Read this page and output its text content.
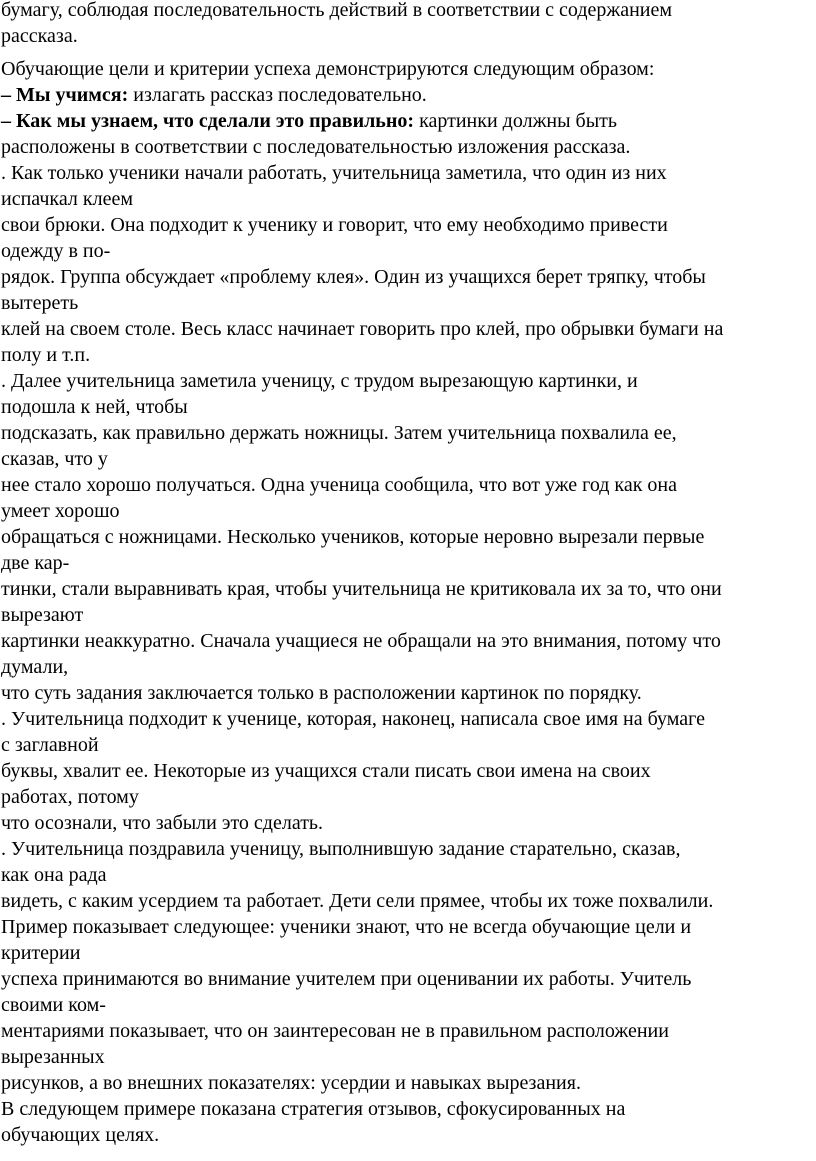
бумагу, соблюдая последовательность действий в соответствии с содержанием
рассказа.
Обучающие цели и критерии успеха демонстрируются следующим образом:
– Мы учимся: излагать рассказ последовательно.
– Как мы узнаем, что сделали это правильно: картинки должны быть
расположены в соответствии с последовательностью изложения рассказа.
. Как только ученики начали работать, учительница заметила, что один из них
испачкал клеем
свои брюки. Она подходит к ученику и говорит, что ему необходимо привести
одежду в по-
рядок. Группа обсуждает «проблему клея». Один из учащихся берет тряпку, чтобы
вытереть
клей на своем столе. Весь класс начинает говорить про клей, про обрывки бумаги на
полу и т.п.
. Далее учительница заметила ученицу, с трудом вырезающую картинки, и
подошла к ней, чтобы
подсказать, как правильно держать ножницы. Затем учительница похвалила ее,
сказав, что у
нее стало хорошо получаться. Одна ученица сообщила, что вот уже год как она
умеет хорошо
обращаться с ножницами. Несколько учеников, которые неровно вырезали первые
две кар-
тинки, стали выравнивать края, чтобы учительница не критиковала их за то, что они
вырезают
картинки неаккуратно. Сначала учащиеся не обращали на это внимания, потому что
думали,
что суть задания заключается только в расположении картинок по порядку.
. Учительница подходит к ученице, которая, наконец, написала свое имя на бумаге
с заглавной
буквы, хвалит ее. Некоторые из учащихся стали писать свои имена на своих
работах, потому
что осознали, что забыли это сделать.
. Учительница поздравила ученицу, выполнившую задание старательно, сказав,
как она рада
видеть, с каким усердием та работает. Дети сели прямее, чтобы их тоже похвалили.
Пример показывает следующее: ученики знают, что не всегда обучающие цели и
критерии
успеха принимаются во внимание учителем при оценивании их работы. Учитель
своими ком-
ментариями показывает, что он заинтересован не в правильном расположении
вырезанных
рисунков, а во внешних показателях: усердии и навыках вырезания.
В следующем примере показана стратегия отзывов, сфокусированных на
обучающих целях.
